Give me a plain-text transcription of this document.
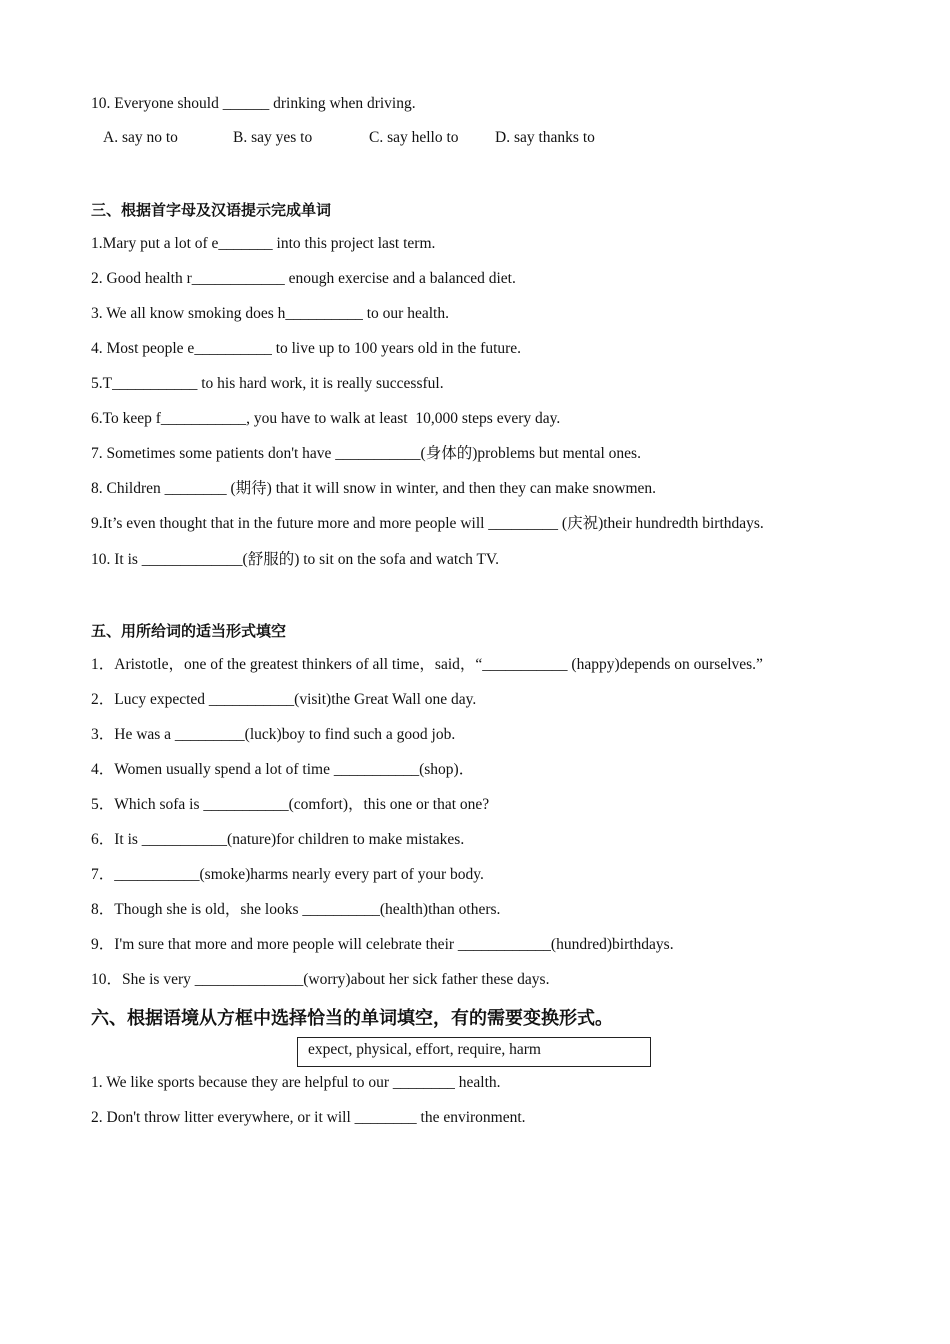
10. Everyone should ______ drinking when driving.
A. say no to	B. say yes to	C. say hello to D. say thanks to
三、根据首字母及汉语提示完成单词
1.Mary put a lot of e_______ into this project last term.
2. Good health r____________ enough exercise and a balanced diet.
3. We all know smoking does h__________ to our health.
4. Most people e__________ to live up to 100 years old in the future.
5.T___________ to his hard work, it is really successful.
6.To keep f___________, you have to walk at least  10,000 steps every day.
7. Sometimes some patients don't have ___________(身体的)problems but mental ones.
8. Children ________ (期待) that it will snow in winter, and then they can make snowmen.
9.It’s even thought that in the future more and more people will _________ (庆祝)their hundredth birthdays.
10. It is _____________(舒服的) to sit on the sofa and watch TV.
五、用所给词的适当形式填空
1．Aristotle，one of the greatest thinkers of all time，said，“___________ (happy)depends on ourselves.”
2．Lucy expected ___________(visit)the Great Wall one day.
3．He was a _________(luck)boy to find such a good job.
4．Women usually spend a lot of time ___________(shop)．
5．Which sofa is ___________(comfort)，this one or that one?
6．It is ___________(nature)for children to make mistakes.
7．___________(smoke)harms nearly every part of your body.
8．Though she is old，she looks __________(health)than others.
9．I'm sure that more and more people will celebrate their ____________(hundred)birthdays.
10．She is very ______________(worry)about her sick father these days.
六、根据语境从方框中选择恰当的单词填空，有的需要变换形式。
expect, physical, effort, require, harm
1. We like sports because they are helpful to our ________ health.
2. Don't throw litter everywhere, or it will ________ the environment.
